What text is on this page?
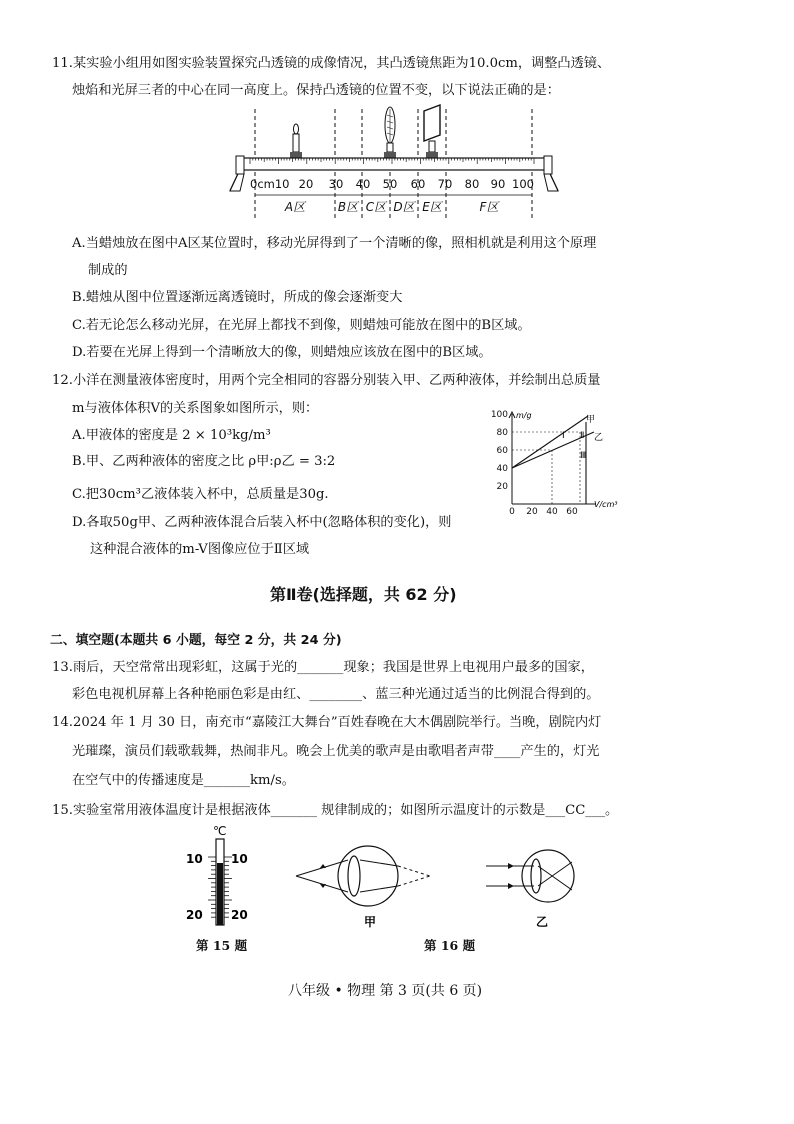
11.某实验小组用如图实验装置探究凸透镜的成像情况，其凸透镜焦距为10.0cm，调整凸透镜、
烛焰和光屏三者的中心在同一高度上。保持凸透镜的位置不变，以下说法正确的是：
0cm10 20 30 40 50 60 70 80 90 100
A区	B区 C区 D区 E区	F区
A.当蜡烛放在图中A区某位置时，移动光屏得到了一个清晰的像，照相机就是利用这个原理
制成的
B.蜡烛从图中位置逐渐远离透镜时，所成的像会逐渐变大
C.若无论怎么移动光屏，在光屏上都找不到像，则蜡烛可能放在图中的B区域。
D.若要在光屏上得到一个清晰放大的像，则蜡烛应该放在图中的B区域。
12.小洋在测量液体密度时，用两个完全相同的容器分别装入甲、乙两种液体，并绘制出总质量
m与液体体积V的关系图象如图所示，则：
A.甲液体的密度是 2 × 10³kg/m³
B.甲、乙两种液体的密度之比 ρ甲:ρ乙 = 3:2
C.把30cm³乙液体装入杯中，总质量是30g.
D.各取50g甲、乙两种液体混合后装入杯中(忽略体积的变化)，则
这种混合液体的m-V图像应位于Ⅱ区域
100
80
60
40
20
0 20 40 60
m/g
V/cm³
甲
乙
Ⅰ Ⅱ
Ⅲ
第Ⅱ卷(选择题，共 62 分)
二、填空题(本题共 6 小题，每空 2 分，共 24 分)
13.雨后，天空常常出现彩虹，这属于光的_______现象；我国是世界上电视用户最多的国家，
彩色电视机屏幕上各种艳丽色彩是由红、________、蓝三种光通过适当的比例混合得到的。
14.2024 年 1 月 30 日，南充市“嘉陵江大舞台”百姓春晚在大木偶剧院举行。当晚，剧院内灯
光璀璨，演员们载歌载舞，热闹非凡。晚会上优美的歌声是由歌唱者声带____产生的，灯光
在空气中的传播速度是_______km/s。
15.实验室常用液体温度计是根据液体_______ 规律制成的；如图所示温度计的示数是___CC___。
℃
10 10
20 20	甲	乙
第 15 题	第 16 题
八年级 • 物理 第 3 页(共 6 页)
